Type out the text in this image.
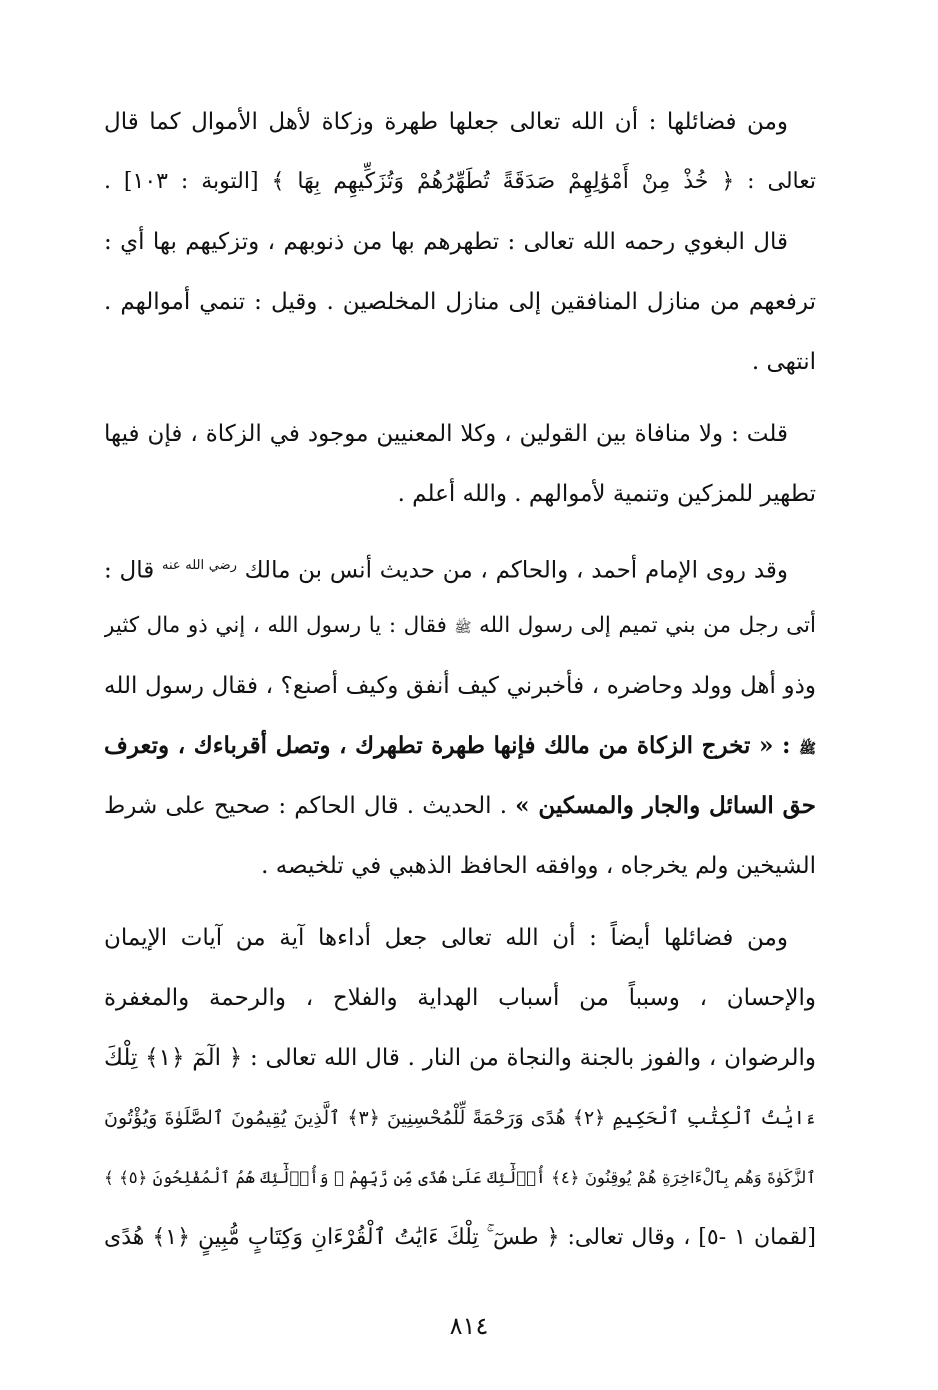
ومن فضائلها : أن الله تعالى جعلها طهرة وزكاة لأهل الأموال كما قال
تعالى : ﴿ خُذْ مِنْ أَمْوَٰلِهِمْ صَدَقَةً تُطَهِّرُهُمْ وَتُزَكِّيهِم بِهَا ﴾ [التوبة : ١٠٣] .
قال البغوي رحمه الله تعالى : تطهرهم بها من ذنوبهم ، وتزكيهم بها أي :
ترفعهم من منازل المنافقين إلى منازل المخلصين . وقيل : تنمي أموالهم .
انتهى .
قلت : ولا منافاة بين القولين ، وكلا المعنيين موجود في الزكاة ، فإن فيها
تطهير للمزكين وتنمية لأموالهم . والله أعلم .
وقد روى الإمام أحمد ، والحاكم ، من حديث أنس بن مالك $^{رضي الله عنه}$ قال :
أتى رجل من بني تميم إلى رسول الله ﷺ فقال : يا رسول الله ، إني ذو مال كثير
وذو أهل وولد وحاضره ، فأخبرني كيف أنفق وكيف أصنع؟ ، فقال رسول الله
ﷺ : « تخرج الزكاة من مالك فإنها طهرة تطهرك ، وتصل أقرباءك ، وتعرف
حق السائل والجار والمسكين » . الحديث . قال الحاكم : صحيح على شرط
الشيخين ولم يخرجاه ، ووافقه الحافظ الذهبي في تلخيصه .
ومن فضائلها أيضاً : أن الله تعالى جعل أداءها آية من آيات الإيمان
والإحسان ، وسبباً من أسباب الهداية والفلاح ، والرحمة والمغفرة
والرضوان ، والفوز بالجنة والنجاة من النار . قال الله تعالى : ﴿ الٓمٓ ﴿١﴾ تِلْكَ
ءَايَٰتُ ٱلْكِتَٰبِ ٱلْحَكِيمِ ﴿٢﴾ هُدًى وَرَحْمَةً لِّلْمُحْسِنِينَ ﴿٣﴾ ٱلَّذِينَ يُقِيمُونَ ٱلصَّلَوٰةَ وَيُؤْتُونَ
ٱلزَّكَوٰةَ وَهُم بِٱلْءَاخِرَةِ هُمْ يُوقِنُونَ ﴿٤﴾ أُو۟لَٰٓئِكَ عَلَىٰ هُدًى مِّن رَّبِّهِمْ ۖ وَأُو۟لَٰٓئِكَ هُمُ ٱلْمُفْلِحُونَ ﴿٥﴾ ﴾
[لقمان ١ -٥] ، وقال تعالى: ﴿ طسٓ ۚ تِلْكَ ءَايَٰتُ ٱلْقُرْءَانِ وَكِتَابٍ مُّبِينٍ ﴿١﴾ هُدًى
٨١٤
